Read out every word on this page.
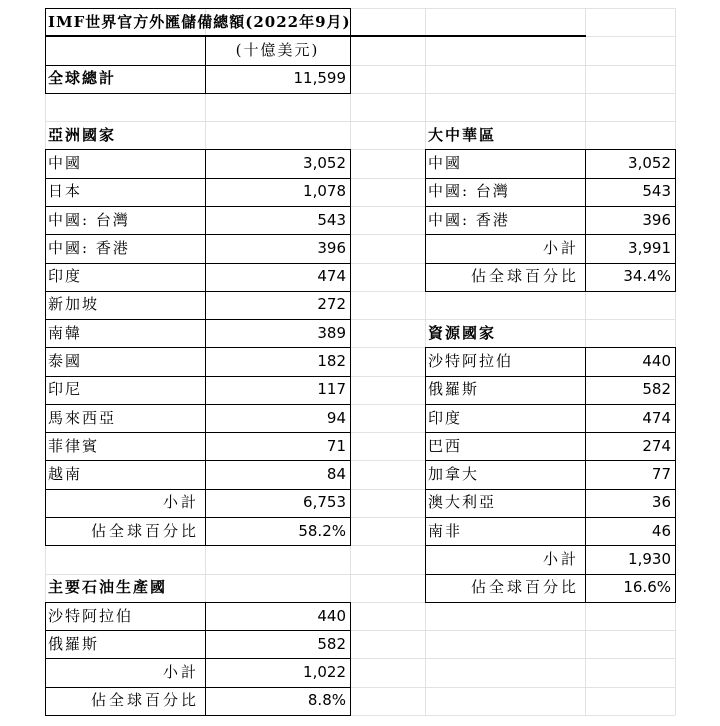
IMF世界官方外匯儲備總額(2022年9月)
(十億美元)
全球總計	11,599
亞洲國家
中國	3,052
日本	1,078
中國: 台灣	543
中國: 香港	396
印度	474
新加坡	272
南韓	389
泰國	182
印尼	117
馬來西亞	94
菲律賓	71
越南	84
小計	6,753
佔全球百分比	58.2%
主要石油生產國
沙特阿拉伯	440
俄羅斯	582
小計	1,022
佔全球百分比	8.8%
大中華區
中國	3,052
中國: 台灣	543
中國: 香港	396
小計	3,991
佔全球百分比	34.4%
資源國家
沙特阿拉伯	440
俄羅斯	582
印度	474
巴西	274
加拿大	77
澳大利亞	36
南非	46
小計	1,930
佔全球百分比	16.6%
